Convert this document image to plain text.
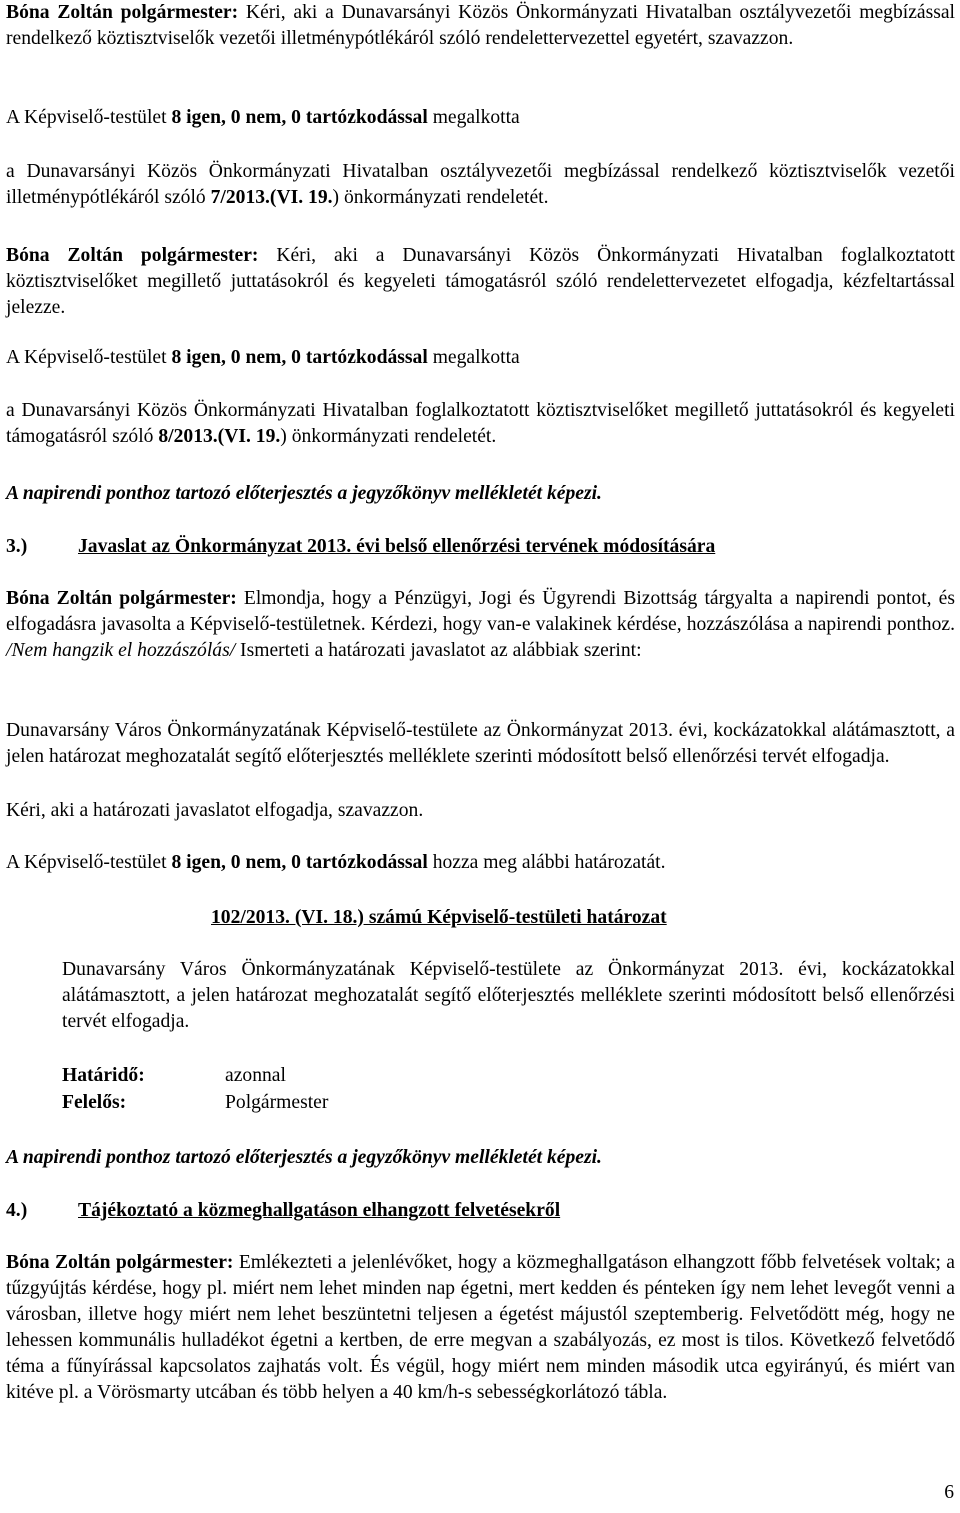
Bóna Zoltán polgármester: Kéri, aki a Dunavarsányi Közös Önkormányzati Hivatalban osztályvezetői megbízással rendelkező köztisztviselők vezetői illetménypótlékáról szóló rendelettervezettel egyetért, szavazzon.

A Képviselő-testület 8 igen, 0 nem, 0 tartózkodással megalkotta

a Dunavarsányi Közös Önkormányzati Hivatalban osztályvezetői megbízással rendelkező köztisztviselők vezetői illetménypótlékáról szóló 7/2013.(VI. 19.) önkormányzati rendeletét.

Bóna Zoltán polgármester: Kéri, aki a Dunavarsányi Közös Önkormányzati Hivatalban foglalkoztatott köztisztviselőket megillető juttatásokról és kegyeleti támogatásról szóló rendelettervezetet elfogadja, kézfeltartással jelezze.

A Képviselő-testület 8 igen, 0 nem, 0 tartózkodással megalkotta

a Dunavarsányi Közös Önkormányzati Hivatalban foglalkoztatott köztisztviselőket megillető juttatásokról és kegyeleti támogatásról szóló 8/2013.(VI. 19.) önkormányzati rendeletét.

A napirendi ponthoz tartozó előterjesztés a jegyzőkönyv mellékletét képezi.

3.)	Javaslat az Önkormányzat 2013. évi belső ellenőrzési tervének módosítására

Bóna Zoltán polgármester: Elmondja, hogy a Pénzügyi, Jogi és Ügyrendi Bizottság tárgyalta a napirendi pontot, és elfogadásra javasolta a Képviselő-testületnek. Kérdezi, hogy van-e valakinek kérdése, hozzászólása a napirendi ponthoz. /Nem hangzik el hozzászólás/ Ismerteti a határozati javaslatot az alábbiak szerint:

Dunavarsány Város Önkormányzatának Képviselő-testülete az Önkormányzat 2013. évi, kockázatokkal alátámasztott, a jelen határozat meghozatalát segítő előterjesztés melléklete szerinti módosított belső ellenőrzési tervét elfogadja.

Kéri, aki a határozati javaslatot elfogadja, szavazzon.

A Képviselő-testület 8 igen, 0 nem, 0 tartózkodással hozza meg alábbi határozatát.

102/2013. (VI. 18.) számú Képviselő-testületi határozat

Dunavarsány Város Önkormányzatának Képviselő-testülete az Önkormányzat 2013. évi, kockázatokkal alátámasztott, a jelen határozat meghozatalát segítő előterjesztés melléklete szerinti módosított belső ellenőrzési tervét elfogadja.

Határidő:	azonnal
Felelős:	Polgármester

A napirendi ponthoz tartozó előterjesztés a jegyzőkönyv mellékletét képezi.

4.)	Tájékoztató a közmeghallgatáson elhangzott felvetésekről

Bóna Zoltán polgármester: Emlékezteti a jelenlévőket, hogy a közmeghallgatáson elhangzott főbb felvetések voltak; a tűzgyújtás kérdése, hogy pl. miért nem lehet minden nap égetni, mert kedden és pénteken így nem lehet levegőt venni a városban, illetve hogy miért nem lehet beszüntetni teljesen a égetést májustól szeptemberig. Felvetődött még, hogy ne lehessen kommunális hulladékot égetni a kertben, de erre megvan a szabályozás, ez most is tilos. Következő felvetődő téma a fűnyírással kapcsolatos zajhatás volt. És végül, hogy miért nem minden második utca egyirányú, és miért van kitéve pl. a Vörösmarty utcában és több helyen a 40 km/h-s sebességkorlátozó tábla.

6
